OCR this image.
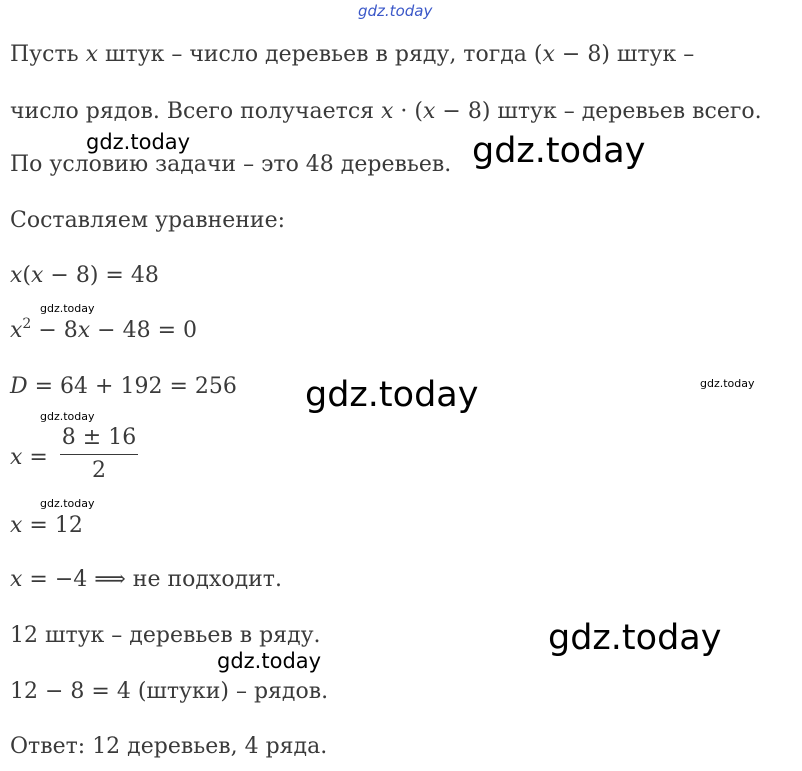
gdz.today
Пусть x штук – число деревьев в ряду, тогда (x − 8) штук –
число рядов. Всего получается x · (x − 8) штук – деревьев всего.
gdz.today
По условию задачи – это 48 деревьев. gdz.today
Составляем уравнение:
x(x − 8) = 48
gdz.today
$x^2 - 8x - 48 = 0$
D = 64 + 192 = 256 gdz.today	gdz.today
gdz.today
x =
8 ± 16
2
gdz.today
x = 12
x = −4 ⟹ не подходит.
12 штук – деревьев в ряду.	gdz.today
gdz.today
12 − 8 = 4 (штуки) – рядов.
Ответ: 12 деревьев, 4 ряда.
